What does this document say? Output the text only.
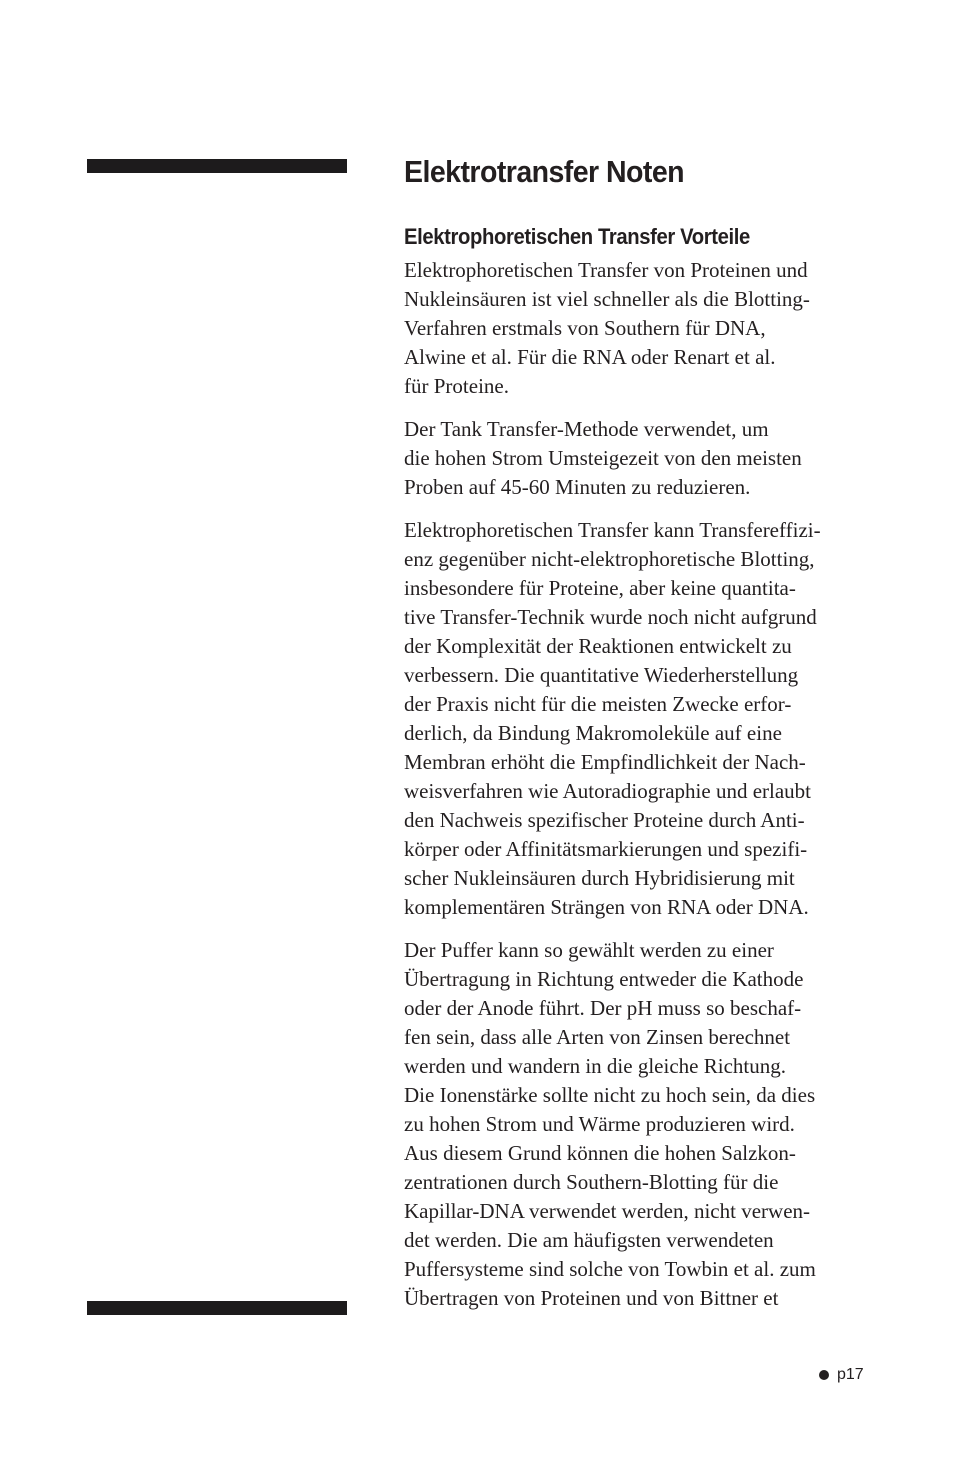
Elektrotransfer Noten
Elektrophoretischen Transfer Vorteile

Elektrophoretischen Transfer von Proteinen und
Nukleinsäuren ist viel schneller als die Blotting-
Verfahren erstmals von Southern für DNA,
Alwine et al. Für die RNA oder Renart et al.
für Proteine.

Der Tank Transfer-Methode verwendet, um
die hohen Strom Umsteigezeit von den meisten
Proben auf 45-60 Minuten zu reduzieren.

Elektrophoretischen Transfer kann Transfereffizi-
enz gegenüber nicht-elektrophoretische Blotting,
insbesondere für Proteine, aber keine quantita-
tive Transfer-Technik wurde noch nicht aufgrund
der Komplexität der Reaktionen entwickelt zu
verbessern. Die quantitative Wiederherstellung
der Praxis nicht für die meisten Zwecke erfor-
derlich, da Bindung Makromoleküle auf eine
Membran erhöht die Empfindlichkeit der Nach-
weisverfahren wie Autoradiographie und erlaubt
den Nachweis spezifischer Proteine durch Anti-
körper oder Affinitätsmarkierungen und spezifi-
scher Nukleinsäuren durch Hybridisierung mit
komplementären Strängen von RNA oder DNA.

Der Puffer kann so gewählt werden zu einer
Übertragung in Richtung entweder die Kathode
oder der Anode führt. Der pH muss so beschaf-
fen sein, dass alle Arten von Zinsen berechnet
werden und wandern in die gleiche Richtung.
Die Ionenstärke sollte nicht zu hoch sein, da dies
zu hohen Strom und Wärme produzieren wird.
Aus diesem Grund können die hohen Salzkon-
zentrationen durch Southern-Blotting für die
Kapillar-DNA verwendet werden, nicht verwen-
det werden. Die am häufigsten verwendeten
Puffersysteme sind solche von Towbin et al. zum
Übertragen von Proteinen und von Bittner et

p17
